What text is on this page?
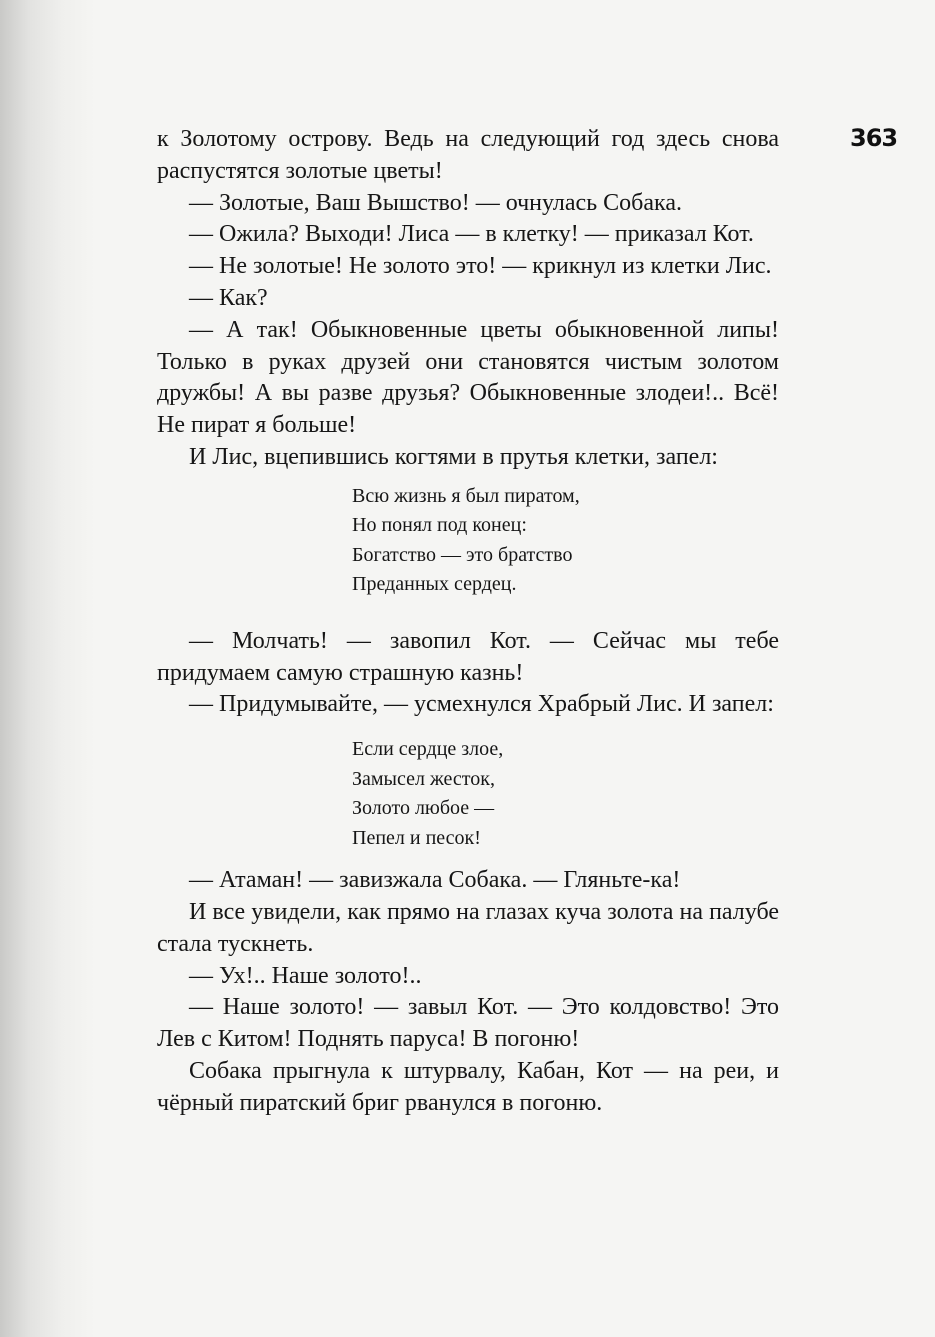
363

к Золотому острову. Ведь на следующий год здесь снова распустятся золотые цветы!

— Золотые, Ваш Вышство! — очнулась Собака.

— Ожила? Выходи! Лиса — в клетку! — приказал Кот.

— Не золотые! Не золото это! — крикнул из клетки Лис.

— Как?

— А так! Обыкновенные цветы обыкновенной липы! Только в руках друзей они становятся чистым золотом дружбы! А вы разве друзья? Обыкновенные злодеи!.. Всё! Не пират я больше!

И Лис, вцепившись когтями в прутья клетки, запел:

Всю жизнь я был пиратом,
Но понял под конец:
Богатство — это братство
Преданных сердец.

— Молчать! — завопил Кот. — Сейчас мы тебе придумаем самую страшную казнь!

— Придумывайте, — усмехнулся Храбрый Лис. И запел:

Если сердце злое,
Замысел жесток,
Золото любое —
Пепел и песок!

— Атаман! — завизжала Собака. — Гляньте-ка!

И все увидели, как прямо на глазах куча золота на палубе стала тускнеть.

— Ух!.. Наше золото!..

— Наше золото! — завыл Кот. — Это колдовство! Это Лев с Китом! Поднять паруса! В погоню!

Собака прыгнула к штурвалу, Кабан, Кот — на реи, и чёрный пиратский бриг рванулся в погоню.
